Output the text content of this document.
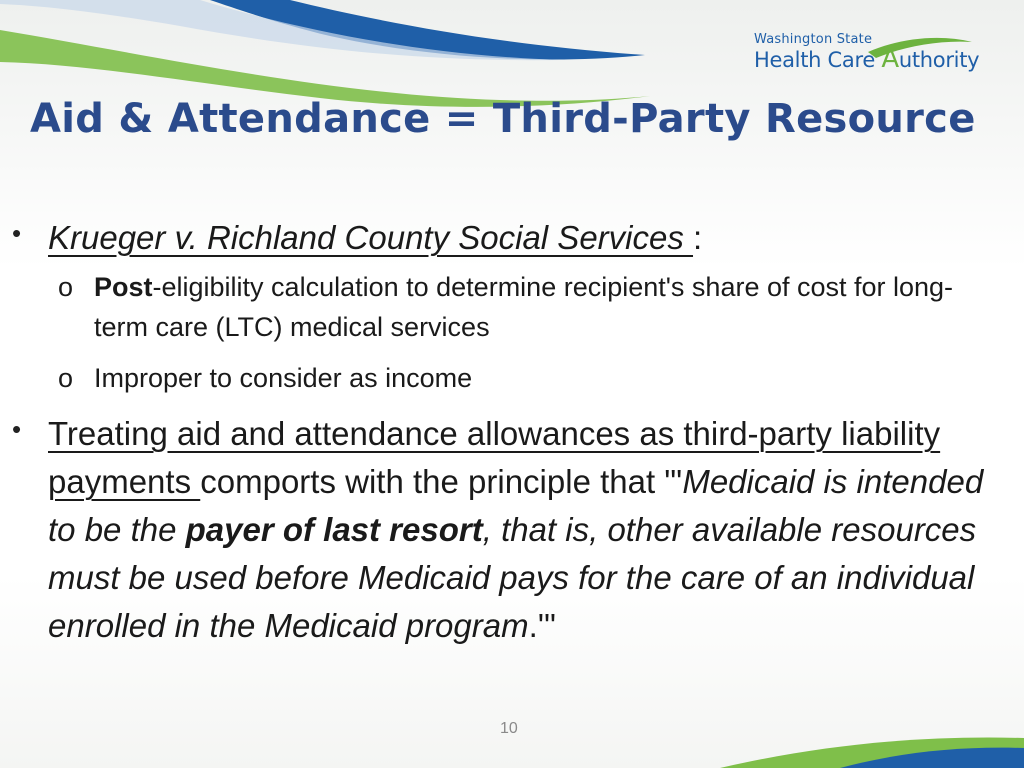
Washington State
Health Care Authority
Aid & Attendance = Third-Party Resource
• Krueger v. Richland County Social Services :
o Post-eligibility calculation to determine recipient's share of cost for long-term care (LTC) medical services
o Improper to consider as income
• Treating aid and attendance allowances as third-party liability payments comports with the principle that "'Medicaid is intended to be the payer of last resort, that is, other available resources must be used before Medicaid pays for the care of an individual enrolled in the Medicaid program.'"
10
